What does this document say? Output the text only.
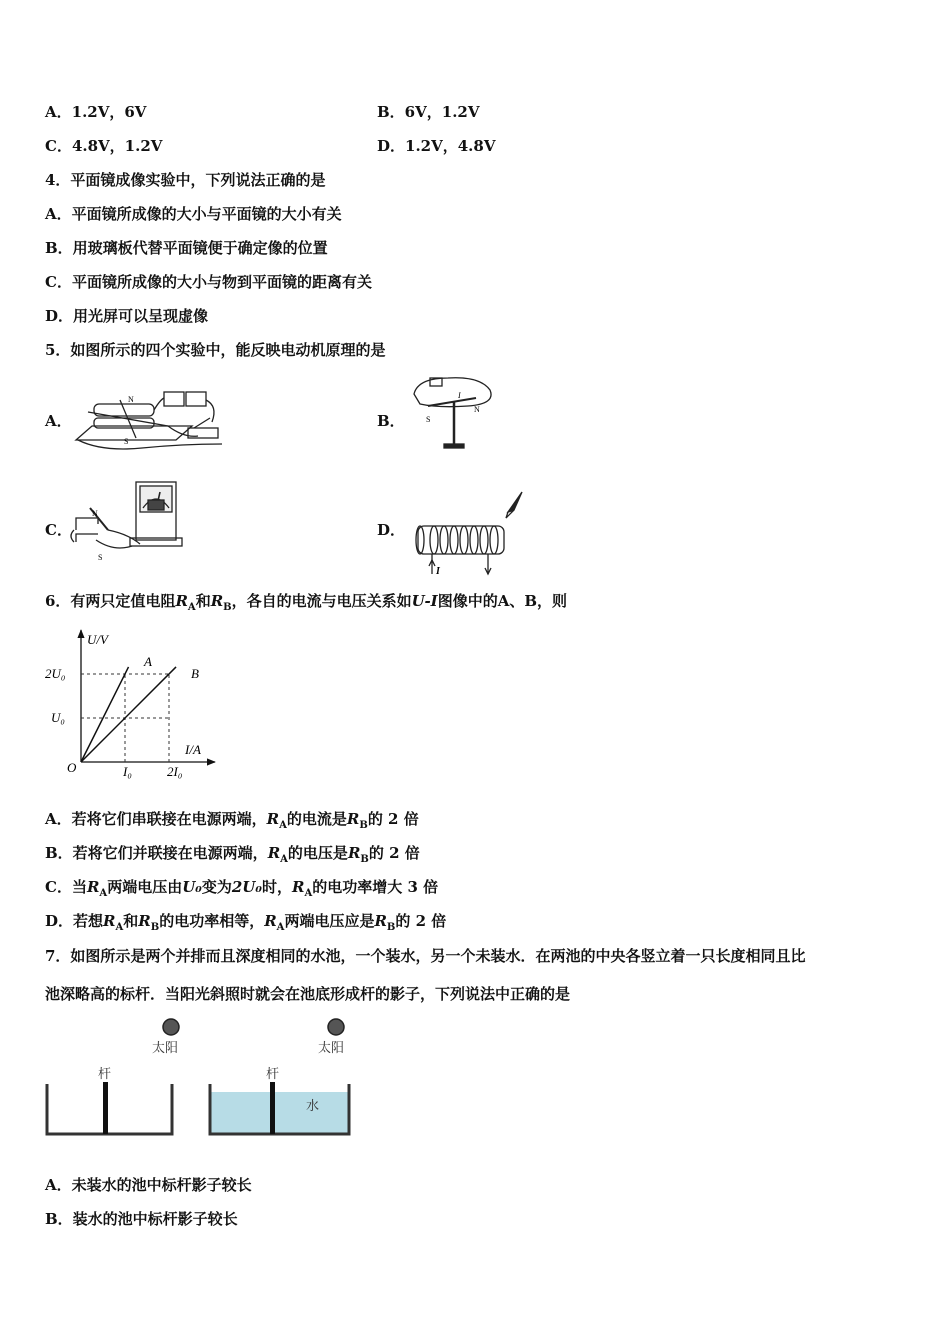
A．1.2V，6V	B．6V，1.2V
C．4.8V，1.2V	D．1.2V，4.8V
4．平面镜成像实验中，下列说法正确的是
A．平面镜所成像的大小与平面镜的大小有关
B．用玻璃板代替平面镜便于确定像的位置
C．平面镜所成像的大小与物到平面镜的距离有关
D．用光屏可以呈现虚像
5．如图所示的四个实验中，能反映电动机原理的是
A．	B．
C．	D．
N
S
S
N
I
N
S
I
6．有两只定值电阻$R_A$和$R_B$，各自的电流与电压关系如U-I图像中的A、B，则
U/V
I/A
O
U₀
2U₀
I₀	2I₀
A
B
A．若将它们串联接在电源两端，$R_A$的电流是$R_B$的 2 倍
B．若将它们并联接在电源两端，$R_A$的电压是$R_B$的 2 倍
C．当$R_A$两端电压由U₀变为2U₀时，$R_A$的电功率增大 3 倍
D．若想$R_A$和$R_B$的电功率相等，$R_A$两端电压应是$R_B$的 2 倍
7．如图所示是两个并排而且深度相同的水池，一个装水，另一个未装水．在两池的中央各竖立着一只长度相同且比
池深略高的标杆．当阳光斜照时就会在池底形成杆的影子，下列说法中正确的是
太阳	太阳
杆	杆
水
A．未装水的池中标杆影子较长
B．装水的池中标杆影子较长
